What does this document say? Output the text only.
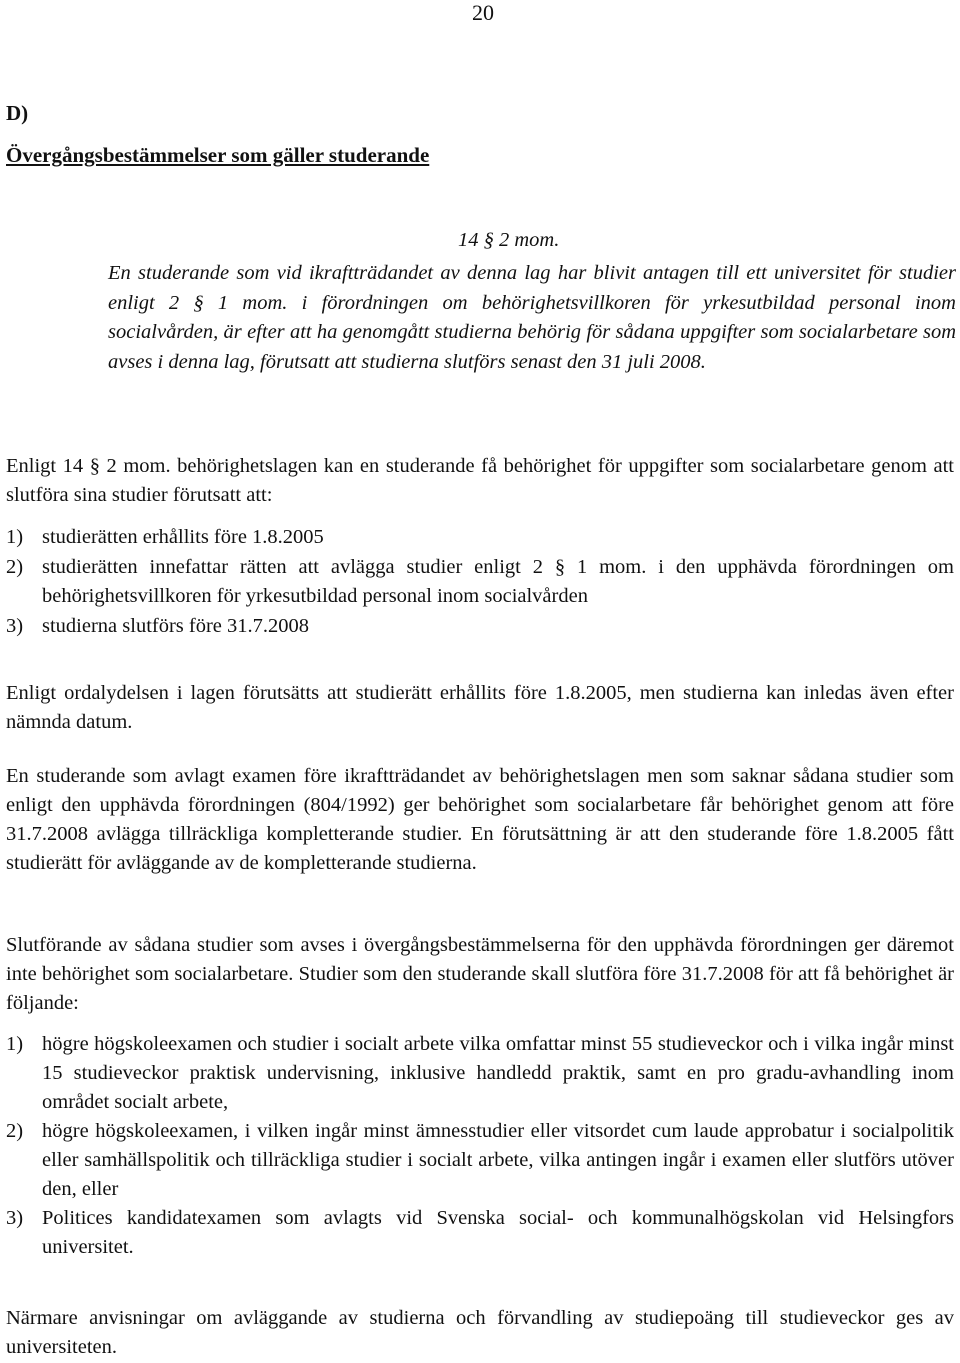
20
D)
Övergångsbestämmelser som gäller studerande
14 § 2 mom.

En studerande som vid ikraftträdandet av denna lag har blivit antagen till ett universitet för studier enligt 2 § 1 mom. i förordningen om behörighetsvillkoren för yrkesutbildad personal inom socialvården, är efter att ha genomgått studierna behörig för sådana uppgifter som socialarbetare som avses i denna lag, förutsatt att studierna slutförs senast den 31 juli 2008.

Enligt 14 § 2 mom. behörighetslagen kan en studerande få behörighet för uppgifter som socialarbetare genom att slutföra sina studier förutsatt att:

1) studierätten erhållits före 1.8.2005
2) studierätten innefattar rätten att avlägga studier enligt 2 § 1 mom. i den upphävda förordningen om behörighetsvillkoren för yrkesutbildad personal inom socialvården
3) studierna slutförs före 31.7.2008

Enligt ordalydelsen i lagen förutsätts att studierätt erhållits före 1.8.2005, men studierna kan inledas även efter nämnda datum.

En studerande som avlagt examen före ikraftträdandet av behörighetslagen men som saknar sådana studier som enligt den upphävda förordningen (804/1992) ger behörighet som socialarbetare får behörighet genom att före 31.7.2008 avlägga tillräckliga kompletterande studier. En förutsättning är att den studerande före 1.8.2005 fått studierätt för avläggande av de kompletterande studierna.

Slutförande av sådana studier som avses i övergångsbestämmelserna för den upphävda förordningen ger däremot inte behörighet som socialarbetare. Studier som den studerande skall slutföra före 31.7.2008 för att få behörighet är följande:

1) högre högskoleexamen och studier i socialt arbete vilka omfattar minst 55 studieveckor och i vilka ingår minst 15 studieveckor praktisk undervisning, inklusive handledd praktik, samt en pro gradu-avhandling inom området socialt arbete,
2) högre högskoleexamen, i vilken ingår minst ämnesstudier eller vitsordet cum laude approbatur i socialpolitik eller samhällspolitik och tillräckliga studier i socialt arbete, vilka antingen ingår i examen eller slutförs utöver den, eller
3) Politices kandidatexamen som avlagts vid Svenska social- och kommunalhögskolan vid Helsingfors universitet.

Närmare anvisningar om avläggande av studierna och förvandling av studiepoäng till studieveckor ges av universiteten.
